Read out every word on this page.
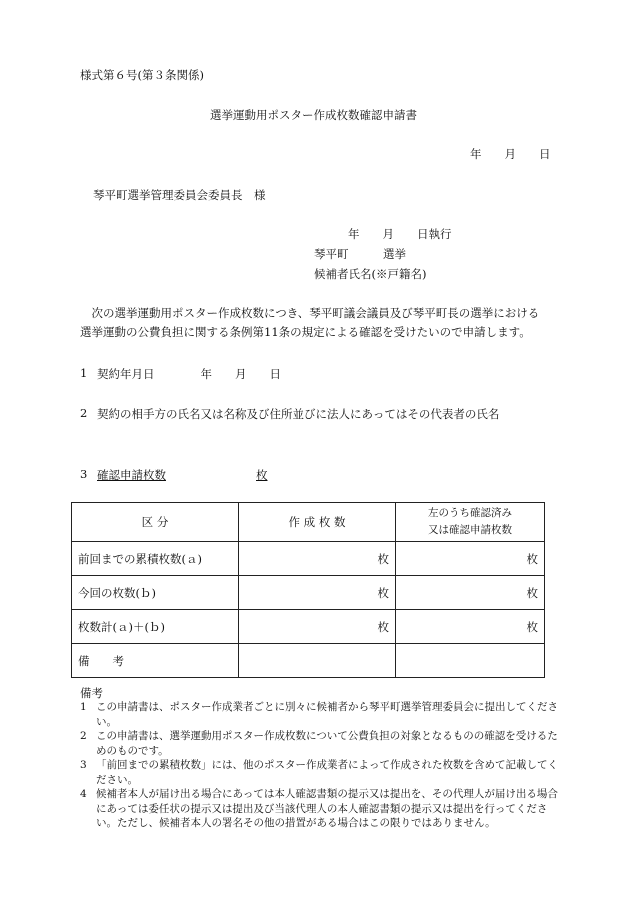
様式第６号(第３条関係)
選挙運動用ポスター作成枚数確認申請書
年　　月　　日
琴平町選挙管理委員会委員長　様
年　　月　　日執行
琴平町　　　選挙
候補者氏名(※戸籍名)
　次の選挙運動用ポスター作成枚数につき、琴平町議会議員及び琴平町長の選挙における
選挙運動の公費負担に関する条例第11条の規定による確認を受けたいので申請します。
1 契約年月日　　　　年　　月　　日
2 契約の相手方の氏名又は名称及び住所並びに法人にあってはその代表者の氏名
3 確認申請枚数	枚
区 分	作 成 枚 数	左のうち確認済み
又は確認申請枚数

前回までの累積枚数(ａ)	枚	枚
今回の枚数(ｂ)	枚	枚
枚数計(ａ)＋(ｂ)	枚	枚
備　　考		
備考
1 この申請書は、ポスター作成業者ごとに別々に候補者から琴平町選挙管理委員会に提出してください。
2 この申請書は、選挙運動用ポスター作成枚数について公費負担の対象となるものの確認を受けるためのものです。
3 「前回までの累積枚数」には、他のポスター作成業者によって作成された枚数を含めて記載してください。
4 候補者本人が届け出る場合にあっては本人確認書類の提示又は提出を、その代理人が届け出る場合にあっては委任状の提示又は提出及び当該代理人の本人確認書類の提示又は提出を行ってください。ただし、候補者本人の署名その他の措置がある場合はこの限りではありません。
